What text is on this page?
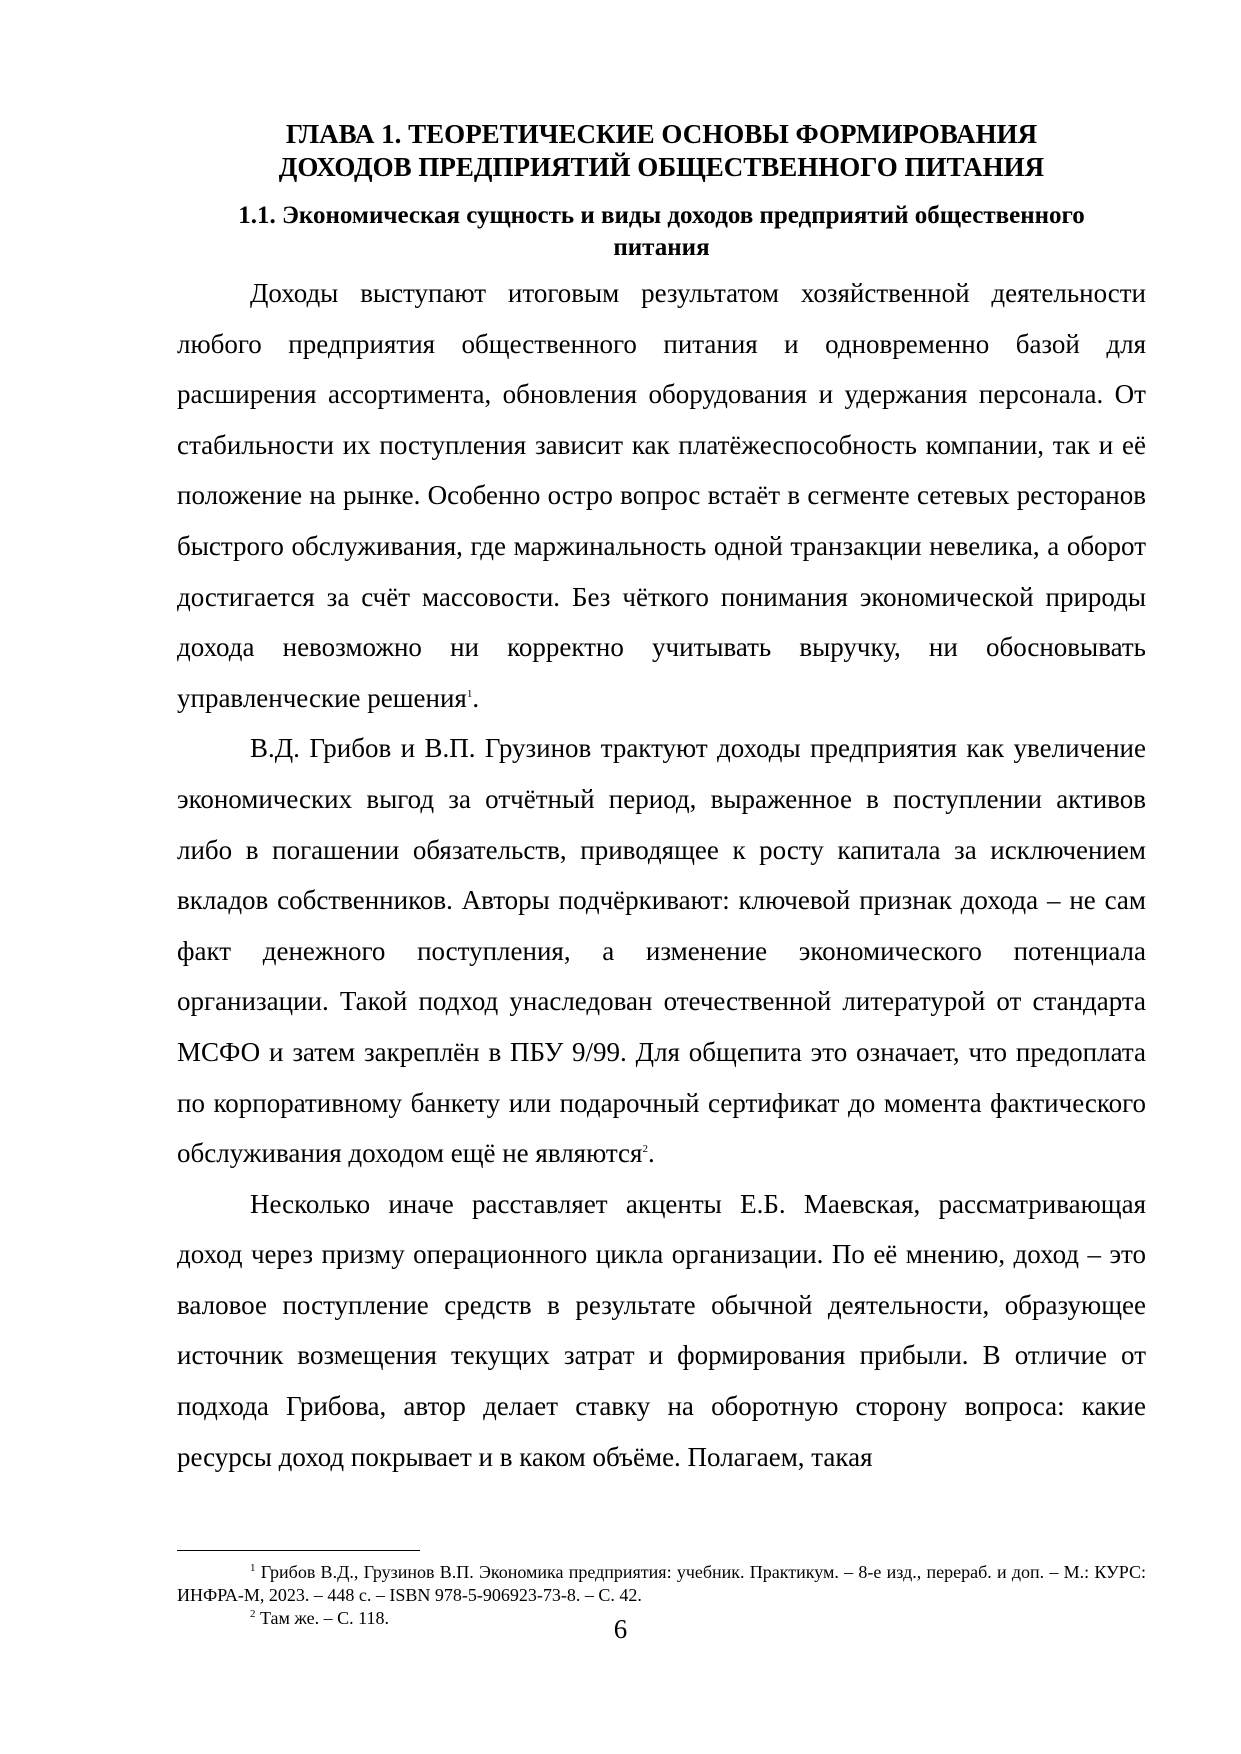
ГЛАВА 1. ТЕОРЕТИЧЕСКИЕ ОСНОВЫ ФОРМИРОВАНИЯ
ДОХОДОВ ПРЕДПРИЯТИЙ ОБЩЕСТВЕННОГО ПИТАНИЯ
1.1. Экономическая сущность и виды доходов предприятий общественного питания

Доходы выступают итоговым результатом хозяйственной деятельности любого предприятия общественного питания и одновременно базой для расширения ассортимента, обновления оборудования и удержания персонала. От стабильности их поступления зависит как платёжеспособность компании, так и её положение на рынке. Особенно остро вопрос встаёт в сегменте сетевых ресторанов быстрого обслуживания, где маржинальность одной транзакции невелика, а оборот достигается за счёт массовости. Без чёткого понимания экономической природы дохода невозможно ни корректно учитывать выручку, ни обосновывать управленческие решения$^1$.

В.Д. Грибов и В.П. Грузинов трактуют доходы предприятия как увеличение экономических выгод за отчётный период, выраженное в поступлении активов либо в погашении обязательств, приводящее к росту капитала за исключением вкладов собственников. Авторы подчёркивают: ключевой признак дохода – не сам факт денежного поступления, а изменение экономического потенциала организации. Такой подход унаследован отечественной литературой от стандарта МСФО и затем закреплён в ПБУ 9/99. Для общепита это означает, что предоплата по корпоративному банкету или подарочный сертификат до момента фактического обслуживания доходом ещё не являются$^2$.

Несколько иначе расставляет акценты Е.Б. Маевская, рассматривающая доход через призму операционного цикла организации. По её мнению, доход – это валовое поступление средств в результате обычной деятельности, образующее источник возмещения текущих затрат и формирования прибыли. В отличие от подхода Грибова, автор делает ставку на оборотную сторону вопроса: какие ресурсы доход покрывает и в каком объёме. Полагаем, такая

$^1$ Грибов В.Д., Грузинов В.П. Экономика предприятия: учебник. Практикум. – 8-е изд., перераб. и доп. – М.: КУРС: ИНФРА-М, 2023. – 448 с. – ISBN 978-5-906923-73-8. – С. 42.

$^2$ Там же. – С. 118.	6
